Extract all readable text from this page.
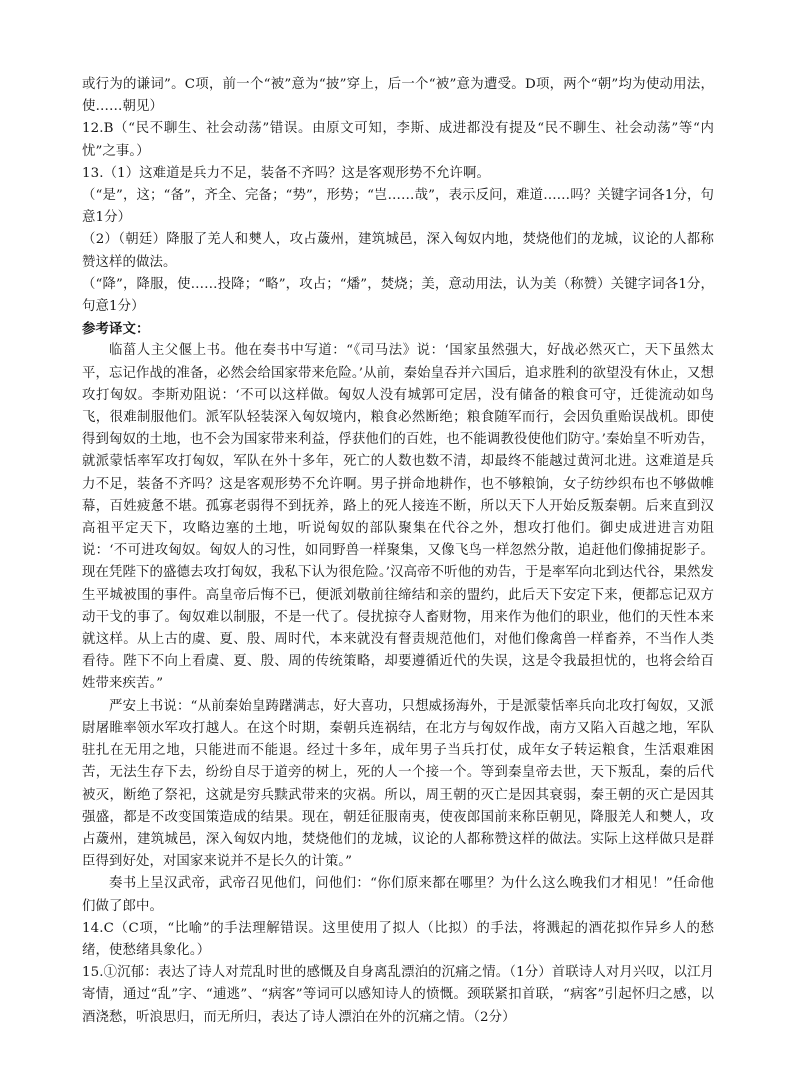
或行为的谦词”。C项，前一个“被”意为“披”穿上，后一个“被”意为遭受。D项，两个“朝”均为使动用法，使……朝见）

12.B（“民不聊生、社会动荡”错误。由原文可知，李斯、成进都没有提及“民不聊生、社会动荡”等“内忧”之事。）

13.（1）这难道是兵力不足，装备不齐吗？这是客观形势不允许啊。

（“是”，这；“备”，齐全、完备；“势”，形势；“岂……哉”，表示反问，难道……吗？关键字词各1分，句意1分）

（2）（朝廷）降服了羌人和僰人，攻占薉州，建筑城邑，深入匈奴内地，焚烧他们的龙城，议论的人都称赞这样的做法。

（“降”，降服，使……投降；“略”，攻占；“燔”，焚烧；美，意动用法，认为美（称赞）关键字词各1分，句意1分）

参考译文：

临菑人主父偃上书。他在奏书中写道：“《司马法》说：‘国家虽然强大，好战必然灭亡，天下虽然太平，忘记作战的准备，必然会给国家带来危险。’从前，秦始皇吞并六国后，追求胜利的欲望没有休止，又想攻打匈奴。李斯劝阻说：‘不可以这样做。匈奴人没有城郭可定居，没有储备的粮食可守，迁徙流动如鸟飞，很难制服他们。派军队轻装深入匈奴境内，粮食必然断绝；粮食随军而行，会因负重贻误战机。即使得到匈奴的土地，也不会为国家带来利益，俘获他们的百姓，也不能调教役使他们防守。’秦始皇不听劝告，就派蒙恬率军攻打匈奴，军队在外十多年，死亡的人数也数不清，却最终不能越过黄河北进。这难道是兵力不足，装备不齐吗？这是客观形势不允许啊。男子拼命地耕作，也不够粮饷，女子纺纱织布也不够做帷幕，百姓疲惫不堪。孤寡老弱得不到抚养，路上的死人接连不断，所以天下人开始反叛秦朝。后来直到汉高祖平定天下，攻略边塞的土地，听说匈奴的部队聚集在代谷之外，想攻打他们。御史成进进言劝阻说：‘不可进攻匈奴。匈奴人的习性，如同野兽一样聚集，又像飞鸟一样忽然分散，追赶他们像捕捉影子。现在凭陛下的盛德去攻打匈奴，我私下认为很危险。’汉高帝不听他的劝告，于是率军向北到达代谷，果然发生平城被围的事件。高皇帝后悔不已，便派刘敬前往缔结和亲的盟约，此后天下安定下来，便都忘记双方动干戈的事了。匈奴难以制服，不是一代了。侵扰掠夺人畜财物，用来作为他们的职业，他们的天性本来就这样。从上古的虞、夏、殷、周时代，本来就没有督责规范他们，对他们像禽兽一样畜养，不当作人类看待。陛下不向上看虞、夏、殷、周的传统策略，却要遵循近代的失误，这是令我最担忧的，也将会给百姓带来疾苦。”

严安上书说：“从前秦始皇踌躇满志，好大喜功，只想威扬海外，于是派蒙恬率兵向北攻打匈奴，又派尉屠睢率领水军攻打越人。在这个时期，秦朝兵连祸结，在北方与匈奴作战，南方又陷入百越之地，军队驻扎在无用之地，只能进而不能退。经过十多年，成年男子当兵打仗，成年女子转运粮食，生活艰难困苦，无法生存下去，纷纷自尽于道旁的树上，死的人一个接一个。等到秦皇帝去世，天下叛乱，秦的后代被灭，断绝了祭祀，这就是穷兵黩武带来的灾祸。所以，周王朝的灭亡是因其衰弱，秦王朝的灭亡是因其强盛，都是不改变国策造成的结果。现在，朝廷征服南夷，使夜郎国前来称臣朝见，降服羌人和僰人，攻占薉州，建筑城邑，深入匈奴内地，焚烧他们的龙城，议论的人都称赞这样的做法。实际上这样做只是群臣得到好处，对国家来说并不是长久的计策。”

奏书上呈汉武帝，武帝召见他们，问他们：“你们原来都在哪里？为什么这么晚我们才相见！”任命他们做了郎中。

14.C（C项，“比喻”的手法理解错误。这里使用了拟人（比拟）的手法，将溅起的酒花拟作异乡人的愁绪，使愁绪具象化。）

15.①沉郁：表达了诗人对荒乱时世的感慨及自身离乱漂泊的沉痛之情。（1分）首联诗人对月兴叹，以江月寄情，通过“乱”字、“逋逃”、“病客”等词可以感知诗人的愤慨。颈联紧扣首联，“病客”引起怀归之感，以酒浇愁，听浪思归，而无所归，表达了诗人漂泊在外的沉痛之情。（2分）
